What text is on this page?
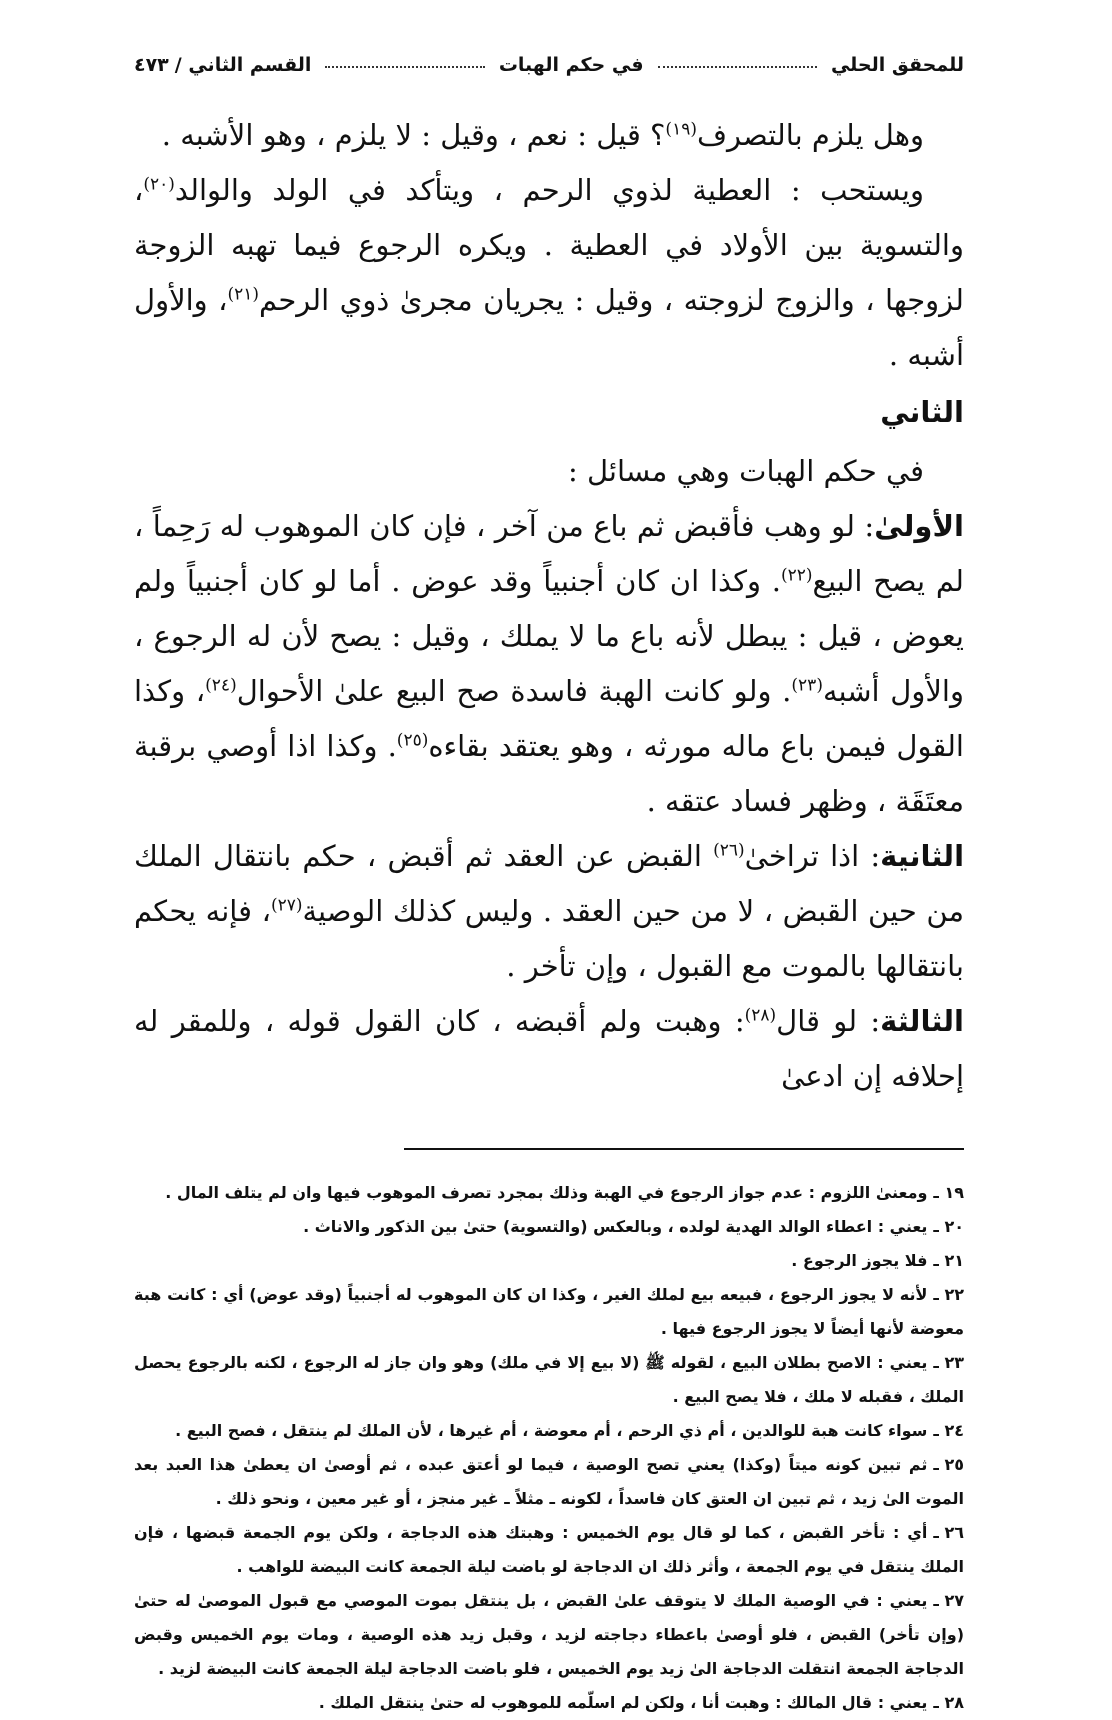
للمحقق الحلي
في حكم الهبات
القسم الثاني /
٤٧٣

وهل يلزم بالتصرف$^{(١٩)}$؟ قيل : نعم ، وقيل : لا يلزم ، وهو الأشبه .

ويستحب : العطية لذوي الرحم ، ويتأكد في الولد والوالد$^{(٢٠)}$، والتسوية بين الأولاد في العطية . ويكره الرجوع فيما تهبه الزوجة لزوجها ، والزوج لزوجته ، وقيل : يجريان مجرىٰ ذوي الرحم$^{(٢١)}$، والأول أشبه .

الثاني

في حكم الهبات وهي مسائل :

الأولىٰ: لو وهب فأقبض ثم باع من آخر ، فإن كان الموهوب له رَحِماً ، لم يصح البيع$^{(٢٢)}$. وكذا ان كان أجنبياً وقد عوض . أما لو كان أجنبياً ولم يعوض ، قيل : يبطل لأنه باع ما لا يملك ، وقيل : يصح لأن له الرجوع ، والأول أشبه$^{(٢٣)}$. ولو كانت الهبة فاسدة صح البيع علىٰ الأحوال$^{(٢٤)}$، وكذا القول فيمن باع ماله مورثه ، وهو يعتقد بقاءه$^{(٢٥)}$. وكذا اذا أوصي برقبة معتَقَة ، وظهر فساد عتقه .

الثانية: اذا تراخىٰ$^{(٢٦)}$ القبض عن العقد ثم أقبض ، حكم بانتقال الملك من حين القبض ، لا من حين العقد . وليس كذلك الوصية$^{(٢٧)}$، فإنه يحكم بانتقالها بالموت مع القبول ، وإن تأخر .

الثالثة: لو قال$^{(٢٨)}$: وهبت ولم أقبضه ، كان القول قوله ، وللمقر له إحلافه إن ادعىٰ

١٩ ـومعنىٰ اللزوم : عدم جواز الرجوع في الهبة وذلك بمجرد تصرف الموهوب فيها وان لم يتلف المال .

٢٠ ـيعني : اعطاء الوالد الهدية لولده ، وبالعكس (والتسوية) حتىٰ بين الذكور والاناث .

٢١ ـفلا يجوز الرجوع .

٢٢ ـلأنه لا يجوز الرجوع ، فبيعه بيع لملك الغير ، وكذا ان كان الموهوب له أجنبياً (وقد عوض) أي : كانت هبة معوضة لأنها أيضاً لا يجوز الرجوع فيها .

٢٣ ـيعني : الاصح بطلان البيع ، لقوله ﷺ (لا بيع إلا في ملك) وهو وان جاز له الرجوع ، لكنه بالرجوع يحصل الملك ، فقبله لا ملك ، فلا يصح البيع .

٢٤ ـسواء كانت هبة للوالدين ، أم ذي الرحم ، أم معوضة ، أم غيرها ، لأن الملك لم ينتقل ، فصح البيع .

٢٥ ـثم تبين كونه ميتاً (وكذا) يعني تصح الوصية ، فيما لو أعتق عبده ، ثم أوصىٰ ان يعطىٰ هذا العبد بعد الموت الىٰ زيد ، ثم تبين ان العتق كان فاسداً ، لكونه ـ مثلاً ـ غير منجز ، أو غير معين ، ونحو ذلك .

٢٦ ـأي : تأخر القبض ، كما لو قال يوم الخميس : وهبتك هذه الدجاجة ، ولكن يوم الجمعة قبضها ، فإن الملك ينتقل في يوم الجمعة ، وأثر ذلك ان الدجاجة لو باضت ليلة الجمعة كانت البيضة للواهب .

٢٧ ـيعني : في الوصية الملك لا يتوقف علىٰ القبض ، بل ينتقل بموت الموصي مع قبول الموصىٰ له حتىٰ (وإن تأخر) القبض ، فلو أوصىٰ باعطاء دجاجته لزيد ، وقبل زيد هذه الوصية ، ومات يوم الخميس وقبض الدجاجة الجمعة انتقلت الدجاجة الىٰ زيد يوم الخميس ، فلو باضت الدجاجة ليلة الجمعة كانت البيضة لزيد .

٢٨ ـيعني : قال المالك : وهبت أنا ، ولكن لم اسلّمه للموهوب له حتىٰ ينتقل الملك .
